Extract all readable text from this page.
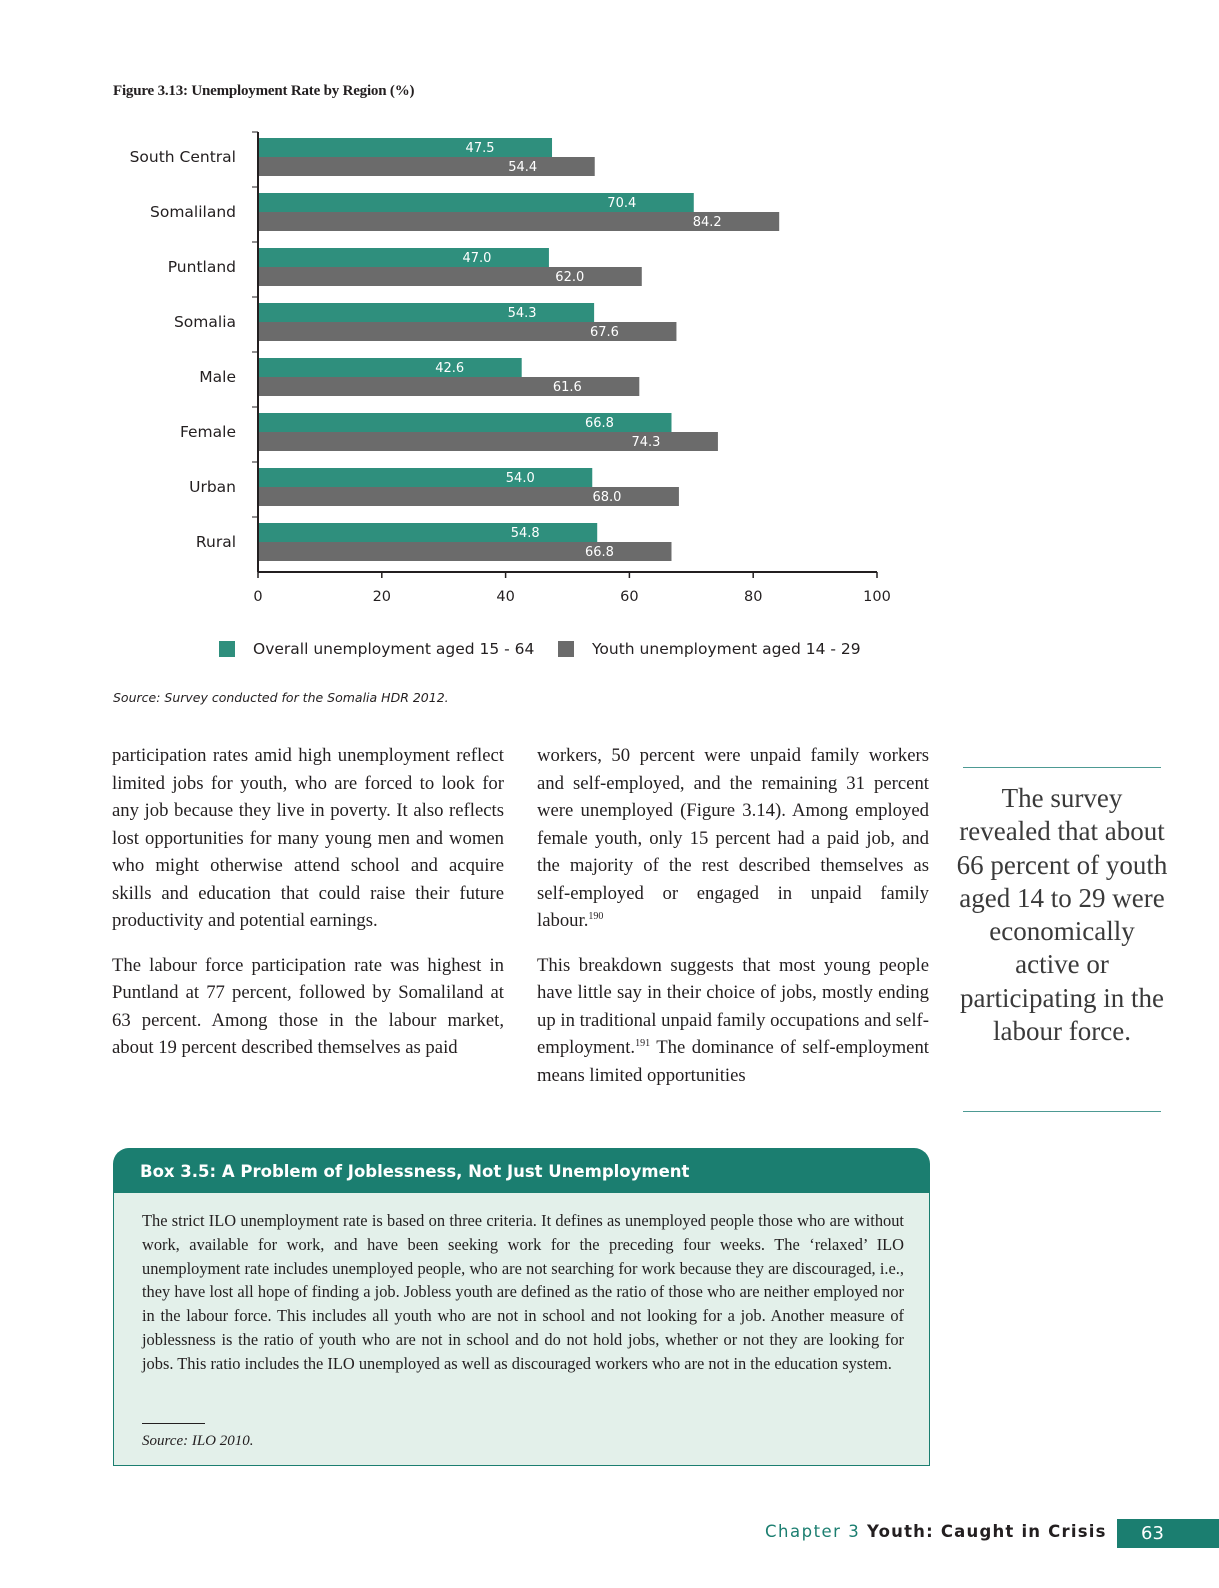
Figure 3.13: Unemployment Rate by Region (%)
47.5
54.4
South Central
70.4
84.2
Somaliland
47.0
62.0
Puntland
54.3
67.6
Somalia
42.6
61.6
Male
66.8
74.3
Female
54.0
68.0
Urban
54.8
66.8
Rural
0	20	40	60	80	100
Overall unemployment aged 15 - 64	Youth unemployment aged 14 - 29
Source: Survey conducted for the Somalia HDR 2012.

participation rates amid high unemployment reflect limited jobs for youth, who are forced to look for any job because they live in poverty. It also reflects lost opportunities for many young men and women who might otherwise attend school and acquire skills and education that could raise their future productivity and potential earnings.

The labour force participation rate was highest in Puntland at 77 percent, followed by Somaliland at 63 percent. Among those in the labour market, about 19 percent described themselves as paid

workers, 50 percent were unpaid family workers and self-employed, and the remaining 31 percent were unemployed (Figure 3.14). Among employed female youth, only 15 percent had a paid job, and the majority of the rest described themselves as self-employed or engaged in unpaid family labour.$^{190}$

This breakdown suggests that most young people have little say in their choice of jobs, mostly ending up in traditional unpaid family occupations and self-employment.$^{191}$ The dominance of self-employment means limited opportunities

The survey revealed that about 66 percent of youth aged 14 to 29 were economically active or participating in the labour force.
Box 3.5: A Problem of Joblessness, Not Just Unemployment
The strict ILO unemployment rate is based on three criteria. It defines as unemployed people those who are without work, available for work, and have been seeking work for the preceding four weeks. The ‘relaxed’ ILO unemployment rate includes unemployed people, who are not searching for work because they are discouraged, i.e., they have lost all hope of finding a job. Jobless youth are defined as the ratio of those who are neither employed nor in the labour force. This includes all youth who are not in school and not looking for a job. Another measure of joblessness is the ratio of youth who are not in school and do not hold jobs, whether or not they are looking for jobs. This ratio includes the ILO unemployed as well as discouraged workers who are not in the education system.
Source: ILO 2010.
Chapter 3 Youth: Caught in Crisis	63
